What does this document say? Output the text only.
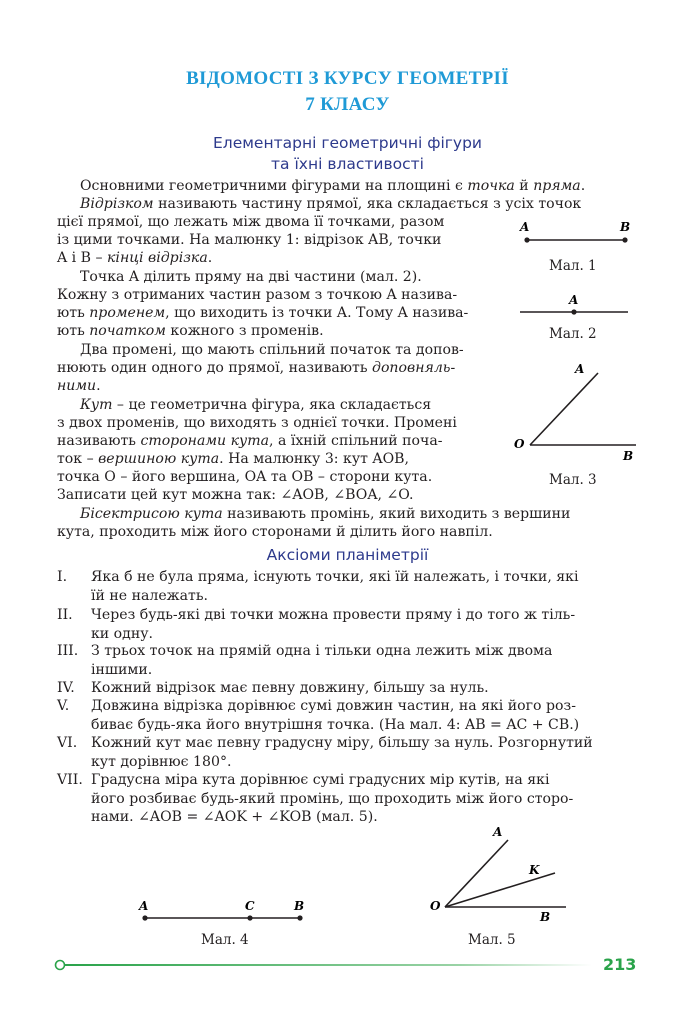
ВІДОМОСТІ З КУРСУ ГЕОМЕТРІЇ
7 КЛАСУ
Елементарні геометричні фігури
та їхні властивості
Основними геометричними фігурами на площині є точка й пряма.
Відрізком називають частину прямої, яка складається з усіх точок
цієї прямої, що лежать між двома її точками, разом
із цими точками. На малюнку 1: відрізок AB, точки
A і B – кінці відрізка.
Точка A ділить пряму на дві частини (мал. 2).
Кожну з отриманих частин разом з точкою A назива-
ють променем, що виходить із точки A. Тому A назива-
ють початком кожного з променів.
Два промені, що мають спільний початок та допов-
нюють один одного до прямої, називають доповняль-
ними.
Кут – це геометрична фігура, яка складається
з двох променів, що виходять з однієї точки. Промені
називають сторонами кута, а їхній спільний поча-
ток – вершиною кута. На малюнку 3: кут AOB,
точка O – його вершина, OA та OB – сторони кута.
Записати цей кут можна так: ∠AOB, ∠BOA, ∠O.
Бісектрисою кута називають промінь, який виходить з вершини
кута, проходить між його сторонами й ділить його навпіл.
A	B
Мал. 1
A
Мал. 2
A
O
B
Мал. 3
Аксіоми планіметрії
I.	Яка б не була пряма, існують точки, які їй належать, і точки, які
їй не належать.
II.	Через будь-які дві точки можна провести пряму і до того ж тіль-
ки одну.
III. З трьох точок на прямій одна і тільки одна лежить між двома
іншими.
IV.	Кожний відрізок має певну довжину, більшу за нуль.
V.	Довжина відрізка дорівнює сумі довжин частин, на які його роз-
биває будь-яка його внутрішня точка. (На мал. 4: AB = AC + CB.)
VI. Кожний кут має певну градусну міру, більшу за нуль. Розгорнутий
кут дорівнює 180°.
VII. Градусна міра кута дорівнює сумі градусних мір кутів, на які
його розбиває будь-який промінь, що проходить між його сторо-
нами. ∠AOB = ∠AOK + ∠KOB (мал. 5).
A	C	B
Мал. 4
A
K
O
B
Мал. 5
213
